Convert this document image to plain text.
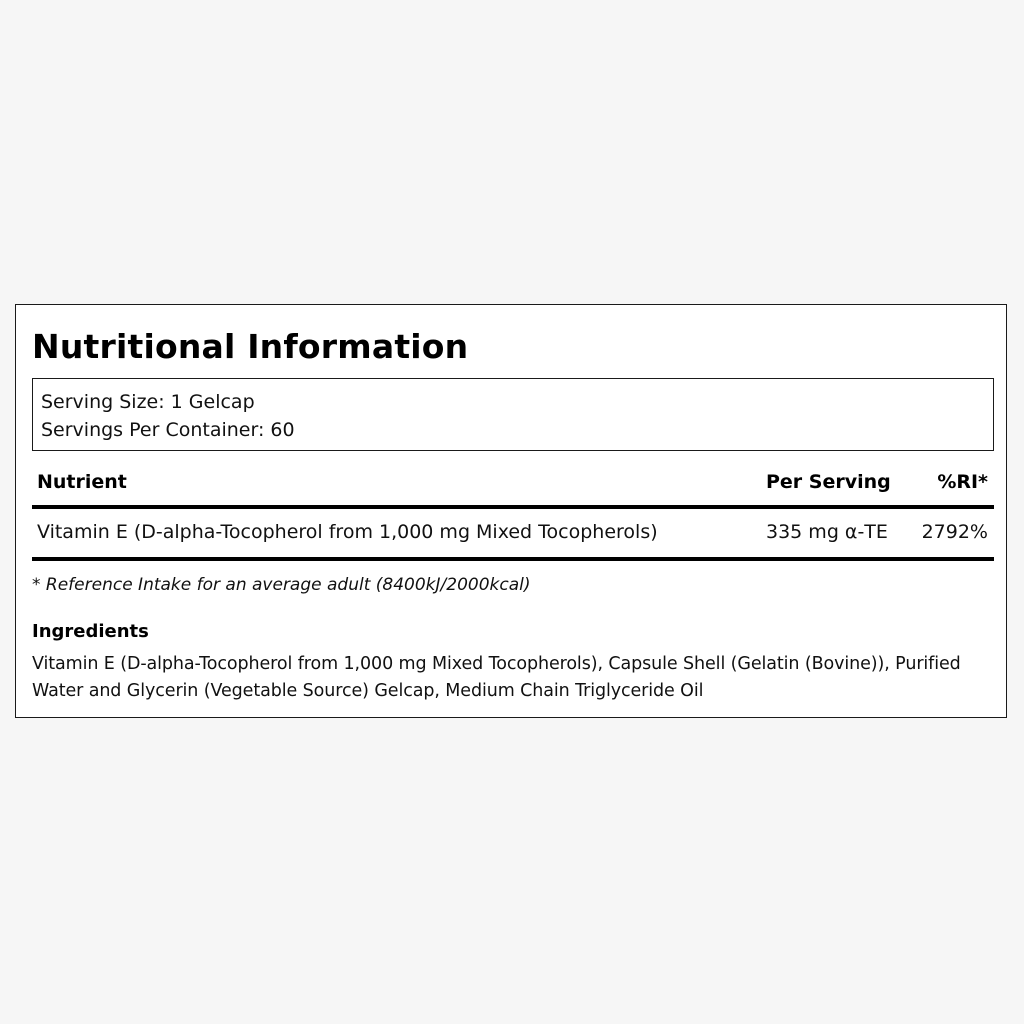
Nutritional Information
Serving Size: 1 Gelcap
Servings Per Container: 60
Nutrient	Per Serving %RI*
Vitamin E (D-alpha-Tocopherol from 1,000 mg Mixed Tocopherols)	335 mg α-TE 2792%
* Reference Intake for an average adult (8400kJ/2000kcal)
Ingredients
Vitamin E (D-alpha-Tocopherol from 1,000 mg Mixed Tocopherols), Capsule Shell (Gelatin (Bovine)), Purified Water and Glycerin (Vegetable Source) Gelcap, Medium Chain Triglyceride Oil
